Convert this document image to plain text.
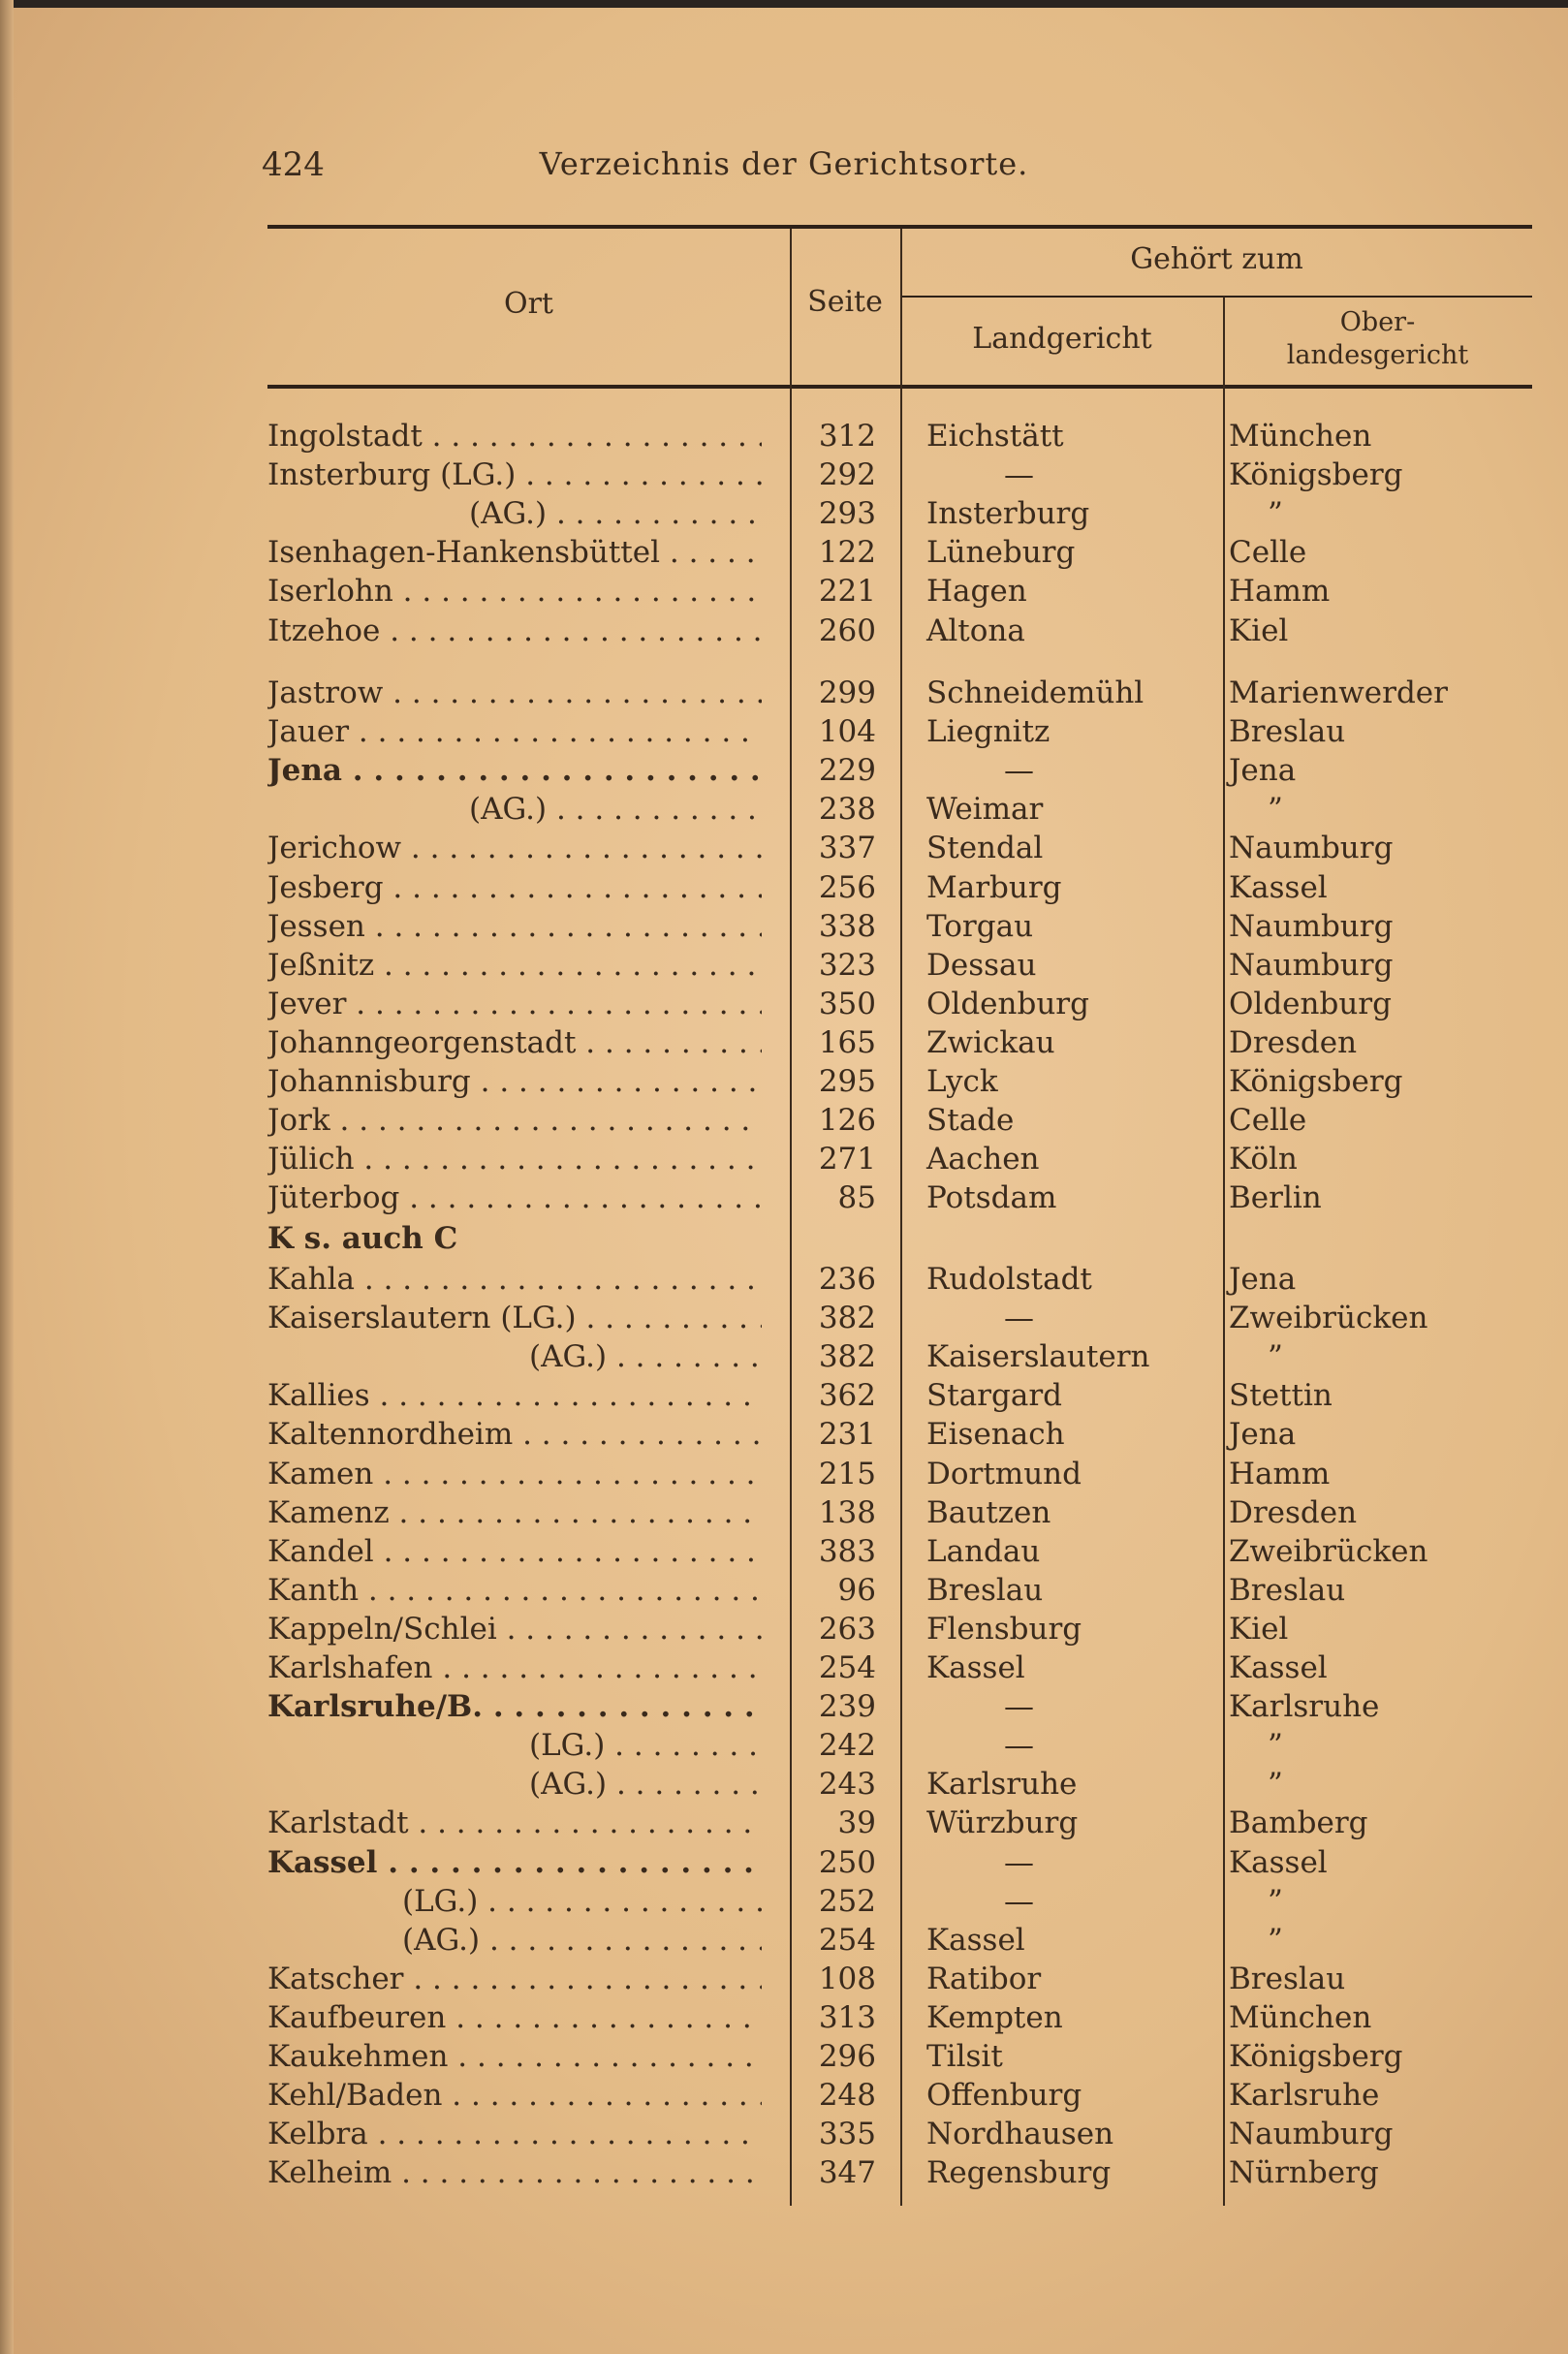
424	Verzeichnis der Gerichtsorte.
Ort	Seite
Gehört zum
Landgericht	Ober-
landesgericht
Ingolstadt . . .	312 Eichstätt	München
Insterburg (LG.) . . .	292	—	Königsberg
(AG.) . . .	293 Insterburg	”
Isenhagen-Hankensbüttel . . .	122 Lüneburg	Celle
Iserlohn . . .	221 Hagen	Hamm
Itzehoe . . .	260 Altona	Kiel
Jastrow . . .	299 Schneidemühl	Marienwerder
Jauer . . .	104 Liegnitz	Breslau
Jena . . .	229	—	Jena
(AG.) . . .	238 Weimar	”
Jerichow . . .	337 Stendal	Naumburg
Jesberg . . .	256 Marburg	Kassel
Jessen . . .	338 Torgau	Naumburg
Jeßnitz . . .	323 Dessau	Naumburg
Jever . . .	350 Oldenburg	Oldenburg
Johanngeorgenstadt . . .	165 Zwickau	Dresden
Johannisburg . . .	295 Lyck	Königsberg
Jork . . .	126 Stade	Celle
Jülich . . .	271 Aachen	Köln
Jüterbog . . .	85 Potsdam	Berlin
K s. auch C
Kahla . . .	236 Rudolstadt	Jena
Kaiserslautern (LG.) . . .	382	—	Zweibrücken
(AG.) . . .	382 Kaiserslautern	”
Kallies . . .	362 Stargard	Stettin
Kaltennordheim . . .	231 Eisenach	Jena
Kamen . . .	215 Dortmund	Hamm
Kamenz . . .	138 Bautzen	Dresden
Kandel . . .	383 Landau	Zweibrücken
Kanth . . .	96 Breslau	Breslau
Kappeln/Schlei . . .	263 Flensburg	Kiel
Karlshafen . . .	254 Kassel	Kassel
Karlsruhe/B. . . .	239	—	Karlsruhe
(LG.) . . .	242	—	”
(AG.) . . .	243 Karlsruhe	”
Karlstadt . . .	39 Würzburg	Bamberg
Kassel . . .	250	—	Kassel
(LG.) . . .	252	—	”
(AG.) . . .	254 Kassel	”
Katscher . . .	108 Ratibor	Breslau
Kaufbeuren . . .	313 Kempten	München
Kaukehmen . . .	296 Tilsit	Königsberg
Kehl/Baden . . .	248 Offenburg	Karlsruhe
Kelbra . . .	335 Nordhausen	Naumburg
Kelheim . . .	347 Regensburg	Nürnberg
